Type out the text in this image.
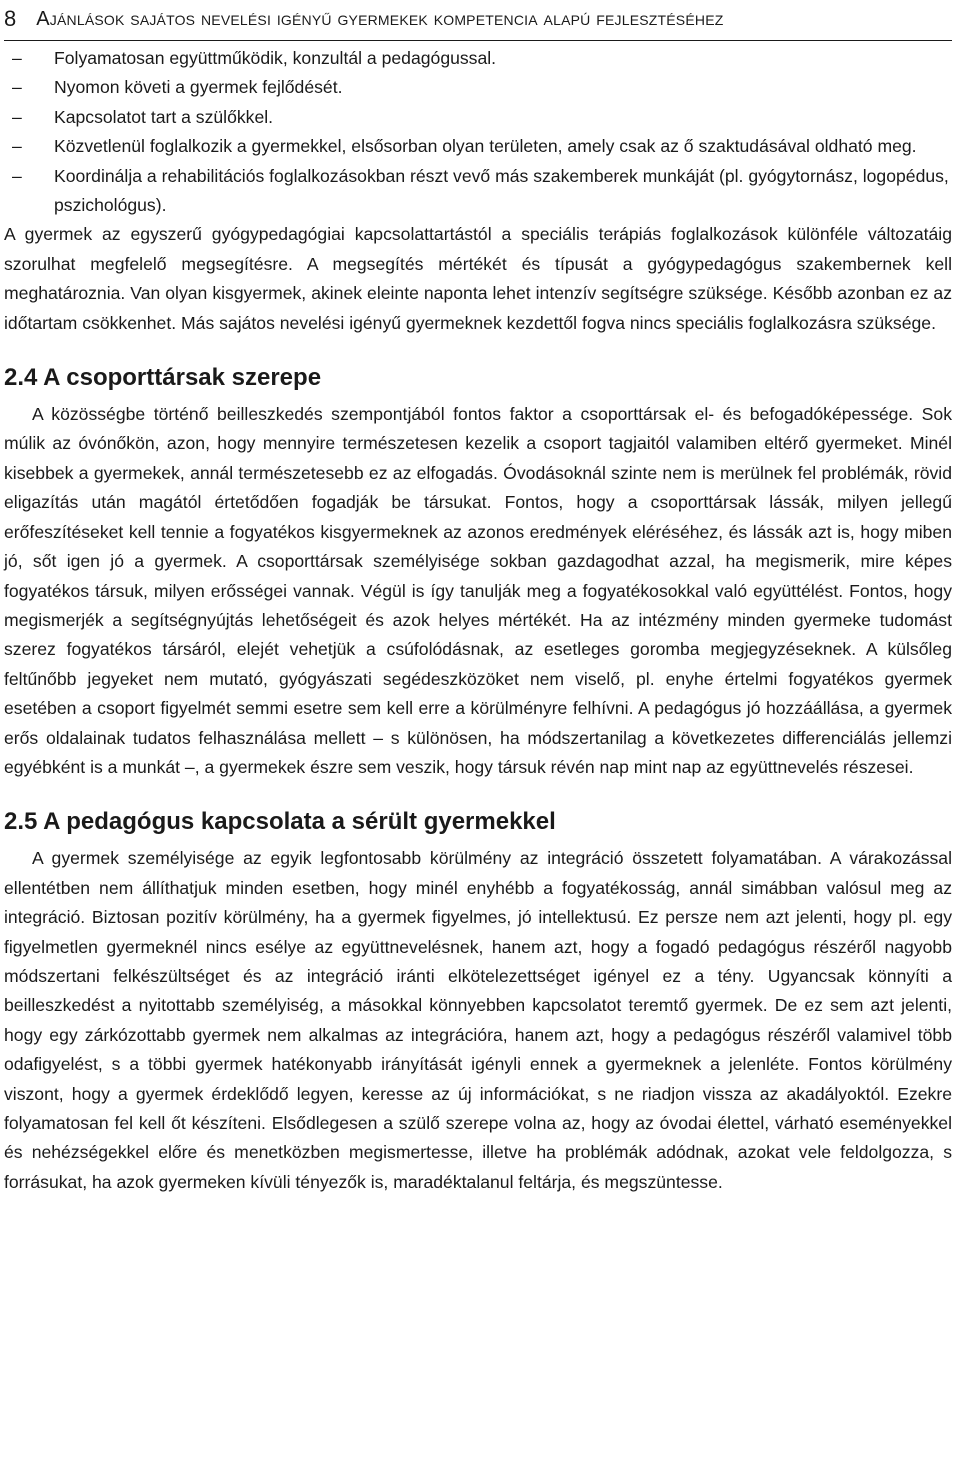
8 Ajánlások sajátos nevelési igényű gyermekek kompetencia alapú fejlesztéséhez
– Folyamatosan együttműködik, konzultál a pedagógussal.
– Nyomon követi a gyermek fejlődését.
– Kapcsolatot tart a szülőkkel.
– Közvetlenül foglalkozik a gyermekkel, elsősorban olyan területen, amely csak az ő szaktudásával oldható meg.
– Koordinálja a rehabilitációs foglalkozásokban részt vevő más szakemberek munkáját (pl. gyógytornász, logopédus, pszichológus).

A gyermek az egyszerű gyógypedagógiai kapcsolattartástól a speciális terápiás foglalkozások különféle változatáig szorulhat megfelelő megsegítésre. A megsegítés mértékét és típusát a gyógypedagógus szakembernek kell meghatároznia. Van olyan kisgyermek, akinek eleinte naponta lehet intenzív segítségre szüksége. Később azonban ez az időtartam csökkenhet. Más sajátos nevelési igényű gyermeknek kezdettől fogva nincs speciális foglalkozásra szüksége.

2.4 A csoporttársak szerepe

A közösségbe történő beilleszkedés szempontjából fontos faktor a csoporttársak el- és befogadóképessége. Sok múlik az óvónőkön, azon, hogy mennyire természetesen kezelik a csoport tagjaitól valamiben eltérő gyermeket. Minél kisebbek a gyermekek, annál természetesebb ez az elfogadás. Óvodásoknál szinte nem is merülnek fel problémák, rövid eligazítás után magától értetődően fogadják be társukat. Fontos, hogy a csoporttársak lássák, milyen jellegű erőfeszítéseket kell tennie a fogyatékos kisgyermeknek az azonos eredmények eléréséhez, és lássák azt is, hogy miben jó, sőt igen jó a gyermek. A csoporttársak személyisége sokban gazdagodhat azzal, ha megismerik, mire képes fogyatékos társuk, milyen erősségei vannak. Végül is így tanulják meg a fogyatékosokkal való együttélést. Fontos, hogy megismerjék a segítségnyújtás lehetőségeit és azok helyes mértékét. Ha az intézmény minden gyermeke tudomást szerez fogyatékos társáról, elejét vehetjük a csúfolódásnak, az esetleges goromba megjegyzéseknek. A külsőleg feltűnőbb jegyeket nem mutató, gyógyászati segédeszközöket nem viselő, pl. enyhe értelmi fogyatékos gyermek esetében a csoport figyelmét semmi esetre sem kell erre a körülményre felhívni. A pedagógus jó hozzáállása, a gyermek erős oldalainak tudatos felhasználása mellett – s különösen, ha módszertanilag a következetes differenciálás jellemzi egyébként is a munkát –, a gyermekek észre sem veszik, hogy társuk révén nap mint nap az együttnevelés részesei.

2.5 A pedagógus kapcsolata a sérült gyermekkel

A gyermek személyisége az egyik legfontosabb körülmény az integráció összetett folyamatában. A várakozással ellentétben nem állíthatjuk minden esetben, hogy minél enyhébb a fogyatékosság, annál simábban valósul meg az integráció. Biztosan pozitív körülmény, ha a gyermek figyelmes, jó intellektusú. Ez persze nem azt jelenti, hogy pl. egy figyelmetlen gyermeknél nincs esélye az együttnevelésnek, hanem azt, hogy a fogadó pedagógus részéről nagyobb módszertani felkészültséget és az integráció iránti elkötelezettséget igényel ez a tény. Ugyancsak könnyíti a beilleszkedést a nyitottabb személyiség, a másokkal könnyebben kapcsolatot teremtő gyermek. De ez sem azt jelenti, hogy egy zárkózottabb gyermek nem alkalmas az integrációra, hanem azt, hogy a pedagógus részéről valamivel több odafigyelést, s a többi gyermek hatékonyabb irányítását igényli ennek a gyermeknek a jelenléte. Fontos körülmény viszont, hogy a gyermek érdeklődő legyen, keresse az új információkat, s ne riadjon vissza az akadályoktól. Ezekre folyamatosan fel kell őt készíteni. Elsődlegesen a szülő szerepe volna az, hogy az óvodai élettel, várható eseményekkel és nehézségekkel előre és menetközben megismertesse, illetve ha problémák adódnak, azokat vele feldolgozza, s forrásukat, ha azok gyermeken kívüli tényezők is, maradéktalanul feltárja, és megszüntesse.
